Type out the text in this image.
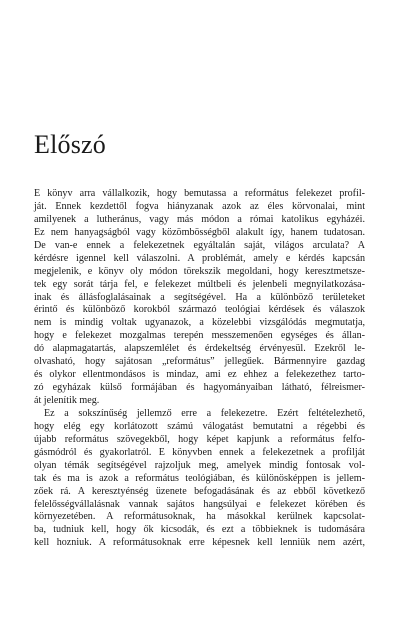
Előszó
E könyv arra vállalkozik, hogy bemutassa a református felekezet profil-
ját. Ennek kezdettől fogva hiányzanak azok az éles körvonalai, mint
amilyenek a lutheránus, vagy más módon a római katolikus egyházéi.
Ez nem hanyagságból vagy közömbösségből alakult így, hanem tudatosan.
De van-e ennek a felekezetnek egyáltalán saját, világos arculata? A
kérdésre igennel kell válaszolni. A problémát, amely e kérdés kapcsán
megjelenik, e könyv oly módon törekszik megoldani, hogy keresztmetsze-
tek egy sorát tárja fel, e felekezet múltbeli és jelenbeli megnyilatkozása-
inak és állásfoglalásainak a segítségével. Ha a különböző területeket
érintő és különböző korokból származó teológiai kérdések és válaszok
nem is mindig voltak ugyanazok, a közelebbi vizsgálódás megmutatja,
hogy e felekezet mozgalmas terepén messzemenően egységes és állan-
dó alapmagatartás, alapszemlélet és érdekeltség érvényesül. Ezekről le-
olvasható, hogy sajátosan „református” jellegűek. Bármennyire gazdag
és olykor ellentmondásos is mindaz, ami ez ehhez a felekezethez tarto-
zó egyházak külső formájában és hagyományaiban látható, félreismer-
át jelenítik meg.
Ez a sokszínűség jellemző erre a felekezetre. Ezért feltételezhető,
hogy elég egy korlátozott számú válogatást bemutatni a régebbi és
újabb református szövegekből, hogy képet kapjunk a református felfo-
gásmódról és gyakorlatról. E könyvben ennek a felekezetnek a profilját
olyan témák segítségével rajzoljuk meg, amelyek mindig fontosak vol-
tak és ma is azok a református teológiában, és különösképpen is jellem-
zőek rá. A keresztyénség üzenete befogadásának és az ebből következő
felelősségvállalásnak vannak sajátos hangsúlyai e felekezet körében és
környezetében. A reformátusoknak, ha másokkal kerülnek kapcsolat-
ba, tudniuk kell, hogy ők kicsodák, és ezt a többieknek is tudomására
kell hozniuk. A reformátusoknak erre képesnek kell lenniük nem azért,
